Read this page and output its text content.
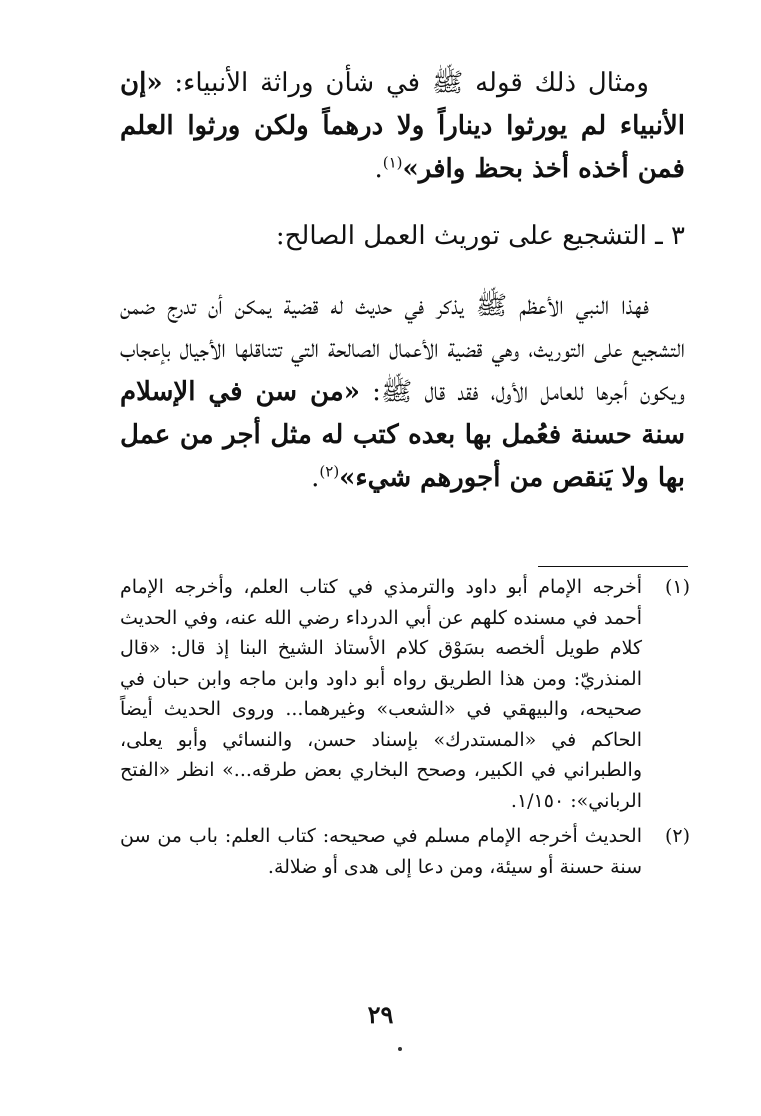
ومثال ذلك قوله ﷺ في شأن وراثة الأنبياء: «إن الأنبياء لم يورثوا ديناراً ولا درهماً ولكن ورثوا العلم فمن أخذه أخذ بحظ وافر»$^{(١)}$.

٣ ـ التشجيع على توريث العمل الصالح:

فهذا النبي الأعظم ﷺ يذكر في حديث له قضية يمكن أن تدرج ضمن التشجيع على التوريث، وهي قضية الأعمال الصالحة التي تتناقلها الأجيال بإعجاب ويكون أجرها للعامل الأول، فقد قال ﷺ: «من سن في الإسلام سنة حسنة فعُمل بها بعده كتب له مثل أجر من عمل بها ولا يَنقص من أجورهم شيء»$^{(٢)}$.

(١)
أخرجه الإمام أبو داود والترمذي في كتاب العلم، وأخرجه الإمام أحمد في مسنده كلهم عن أبي الدرداء رضي الله عنه، وفي الحديث كلام طويل ألخصه بسَوْق كلام الأستاذ الشيخ البنا إذ قال: «قال المنذريّ: ومن هذا الطريق رواه أبو داود وابن ماجه وابن حبان في صحيحه، والبيهقي في «الشعب» وغيرهما... وروى الحديث أيضاً الحاكم في «المستدرك» بإسناد حسن، والنسائي وأبو يعلى، والطبراني في الكبير، وصحح البخاري بعض طرقه...» انظر «الفتح الرباني»: ١/١٥٠.
(٢)
الحديث أخرجه الإمام مسلم في صحيحه: كتاب العلم: باب من سن سنة حسنة أو سيئة، ومن دعا إلى هدى أو ضلالة.
٢٩
